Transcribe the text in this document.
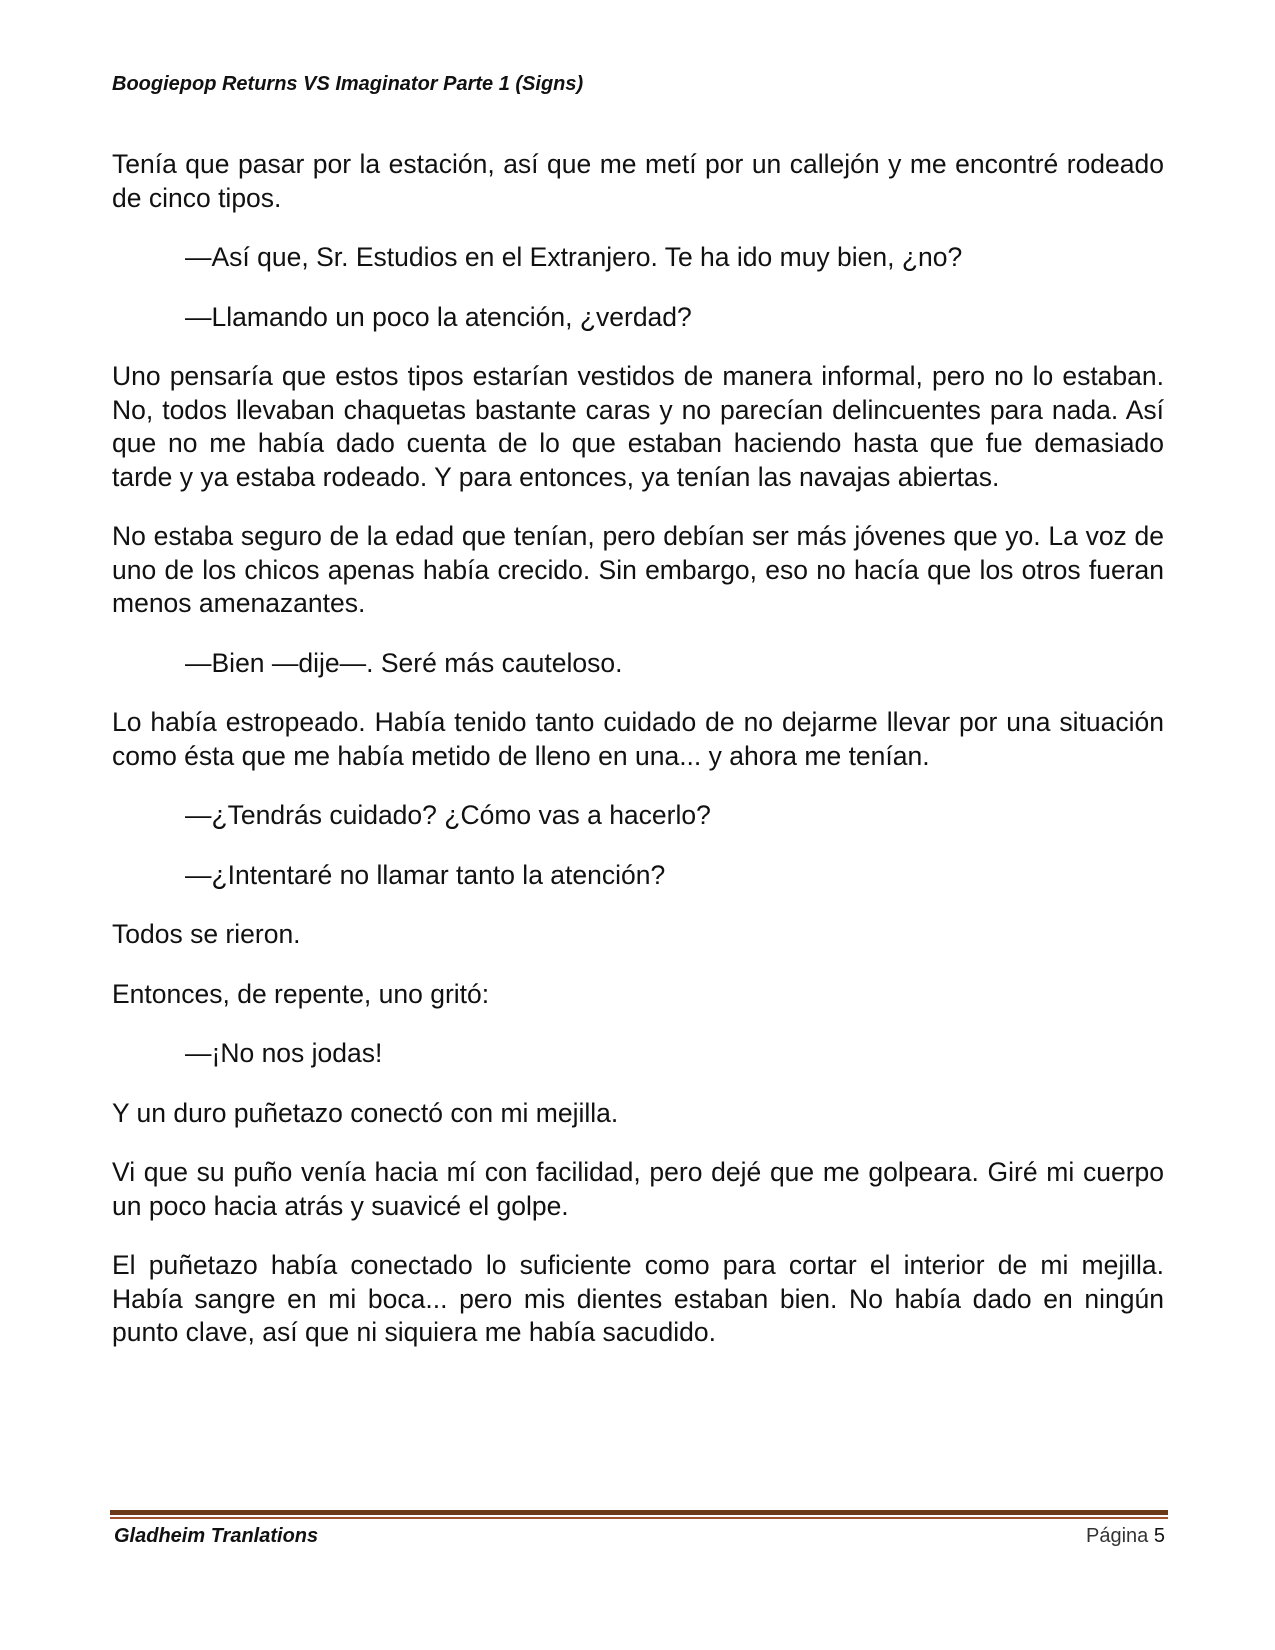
Boogiepop Returns VS Imaginator Parte 1 (Signs)

Tenía que pasar por la estación, así que me metí por un callejón y me encontré rodeado de cinco tipos.

—Así que, Sr. Estudios en el Extranjero. Te ha ido muy bien, ¿no?

—Llamando un poco la atención, ¿verdad?

Uno pensaría que estos tipos estarían vestidos de manera informal, pero no lo estaban. No, todos llevaban chaquetas bastante caras y no parecían delincuentes para nada. Así que no me había dado cuenta de lo que estaban haciendo hasta que fue demasiado tarde y ya estaba rodeado. Y para entonces, ya tenían las navajas abiertas.

No estaba seguro de la edad que tenían, pero debían ser más jóvenes que yo. La voz de uno de los chicos apenas había crecido. Sin embargo, eso no hacía que los otros fueran menos amenazantes.

—Bien —dije—. Seré más cauteloso.

Lo había estropeado. Había tenido tanto cuidado de no dejarme llevar por una situación como ésta que me había metido de lleno en una... y ahora me tenían.

—¿Tendrás cuidado? ¿Cómo vas a hacerlo?

—¿Intentaré no llamar tanto la atención?

Todos se rieron.

Entonces, de repente, uno gritó:

—¡No nos jodas!

Y un duro puñetazo conectó con mi mejilla.

Vi que su puño venía hacia mí con facilidad, pero dejé que me golpeara. Giré mi cuerpo un poco hacia atrás y suavicé el golpe.

El puñetazo había conectado lo suficiente como para cortar el interior de mi mejilla. Había sangre en mi boca... pero mis dientes estaban bien. No había dado en ningún punto clave, así que ni siquiera me había sacudido.

Gladheim Tranlations	Página 5
